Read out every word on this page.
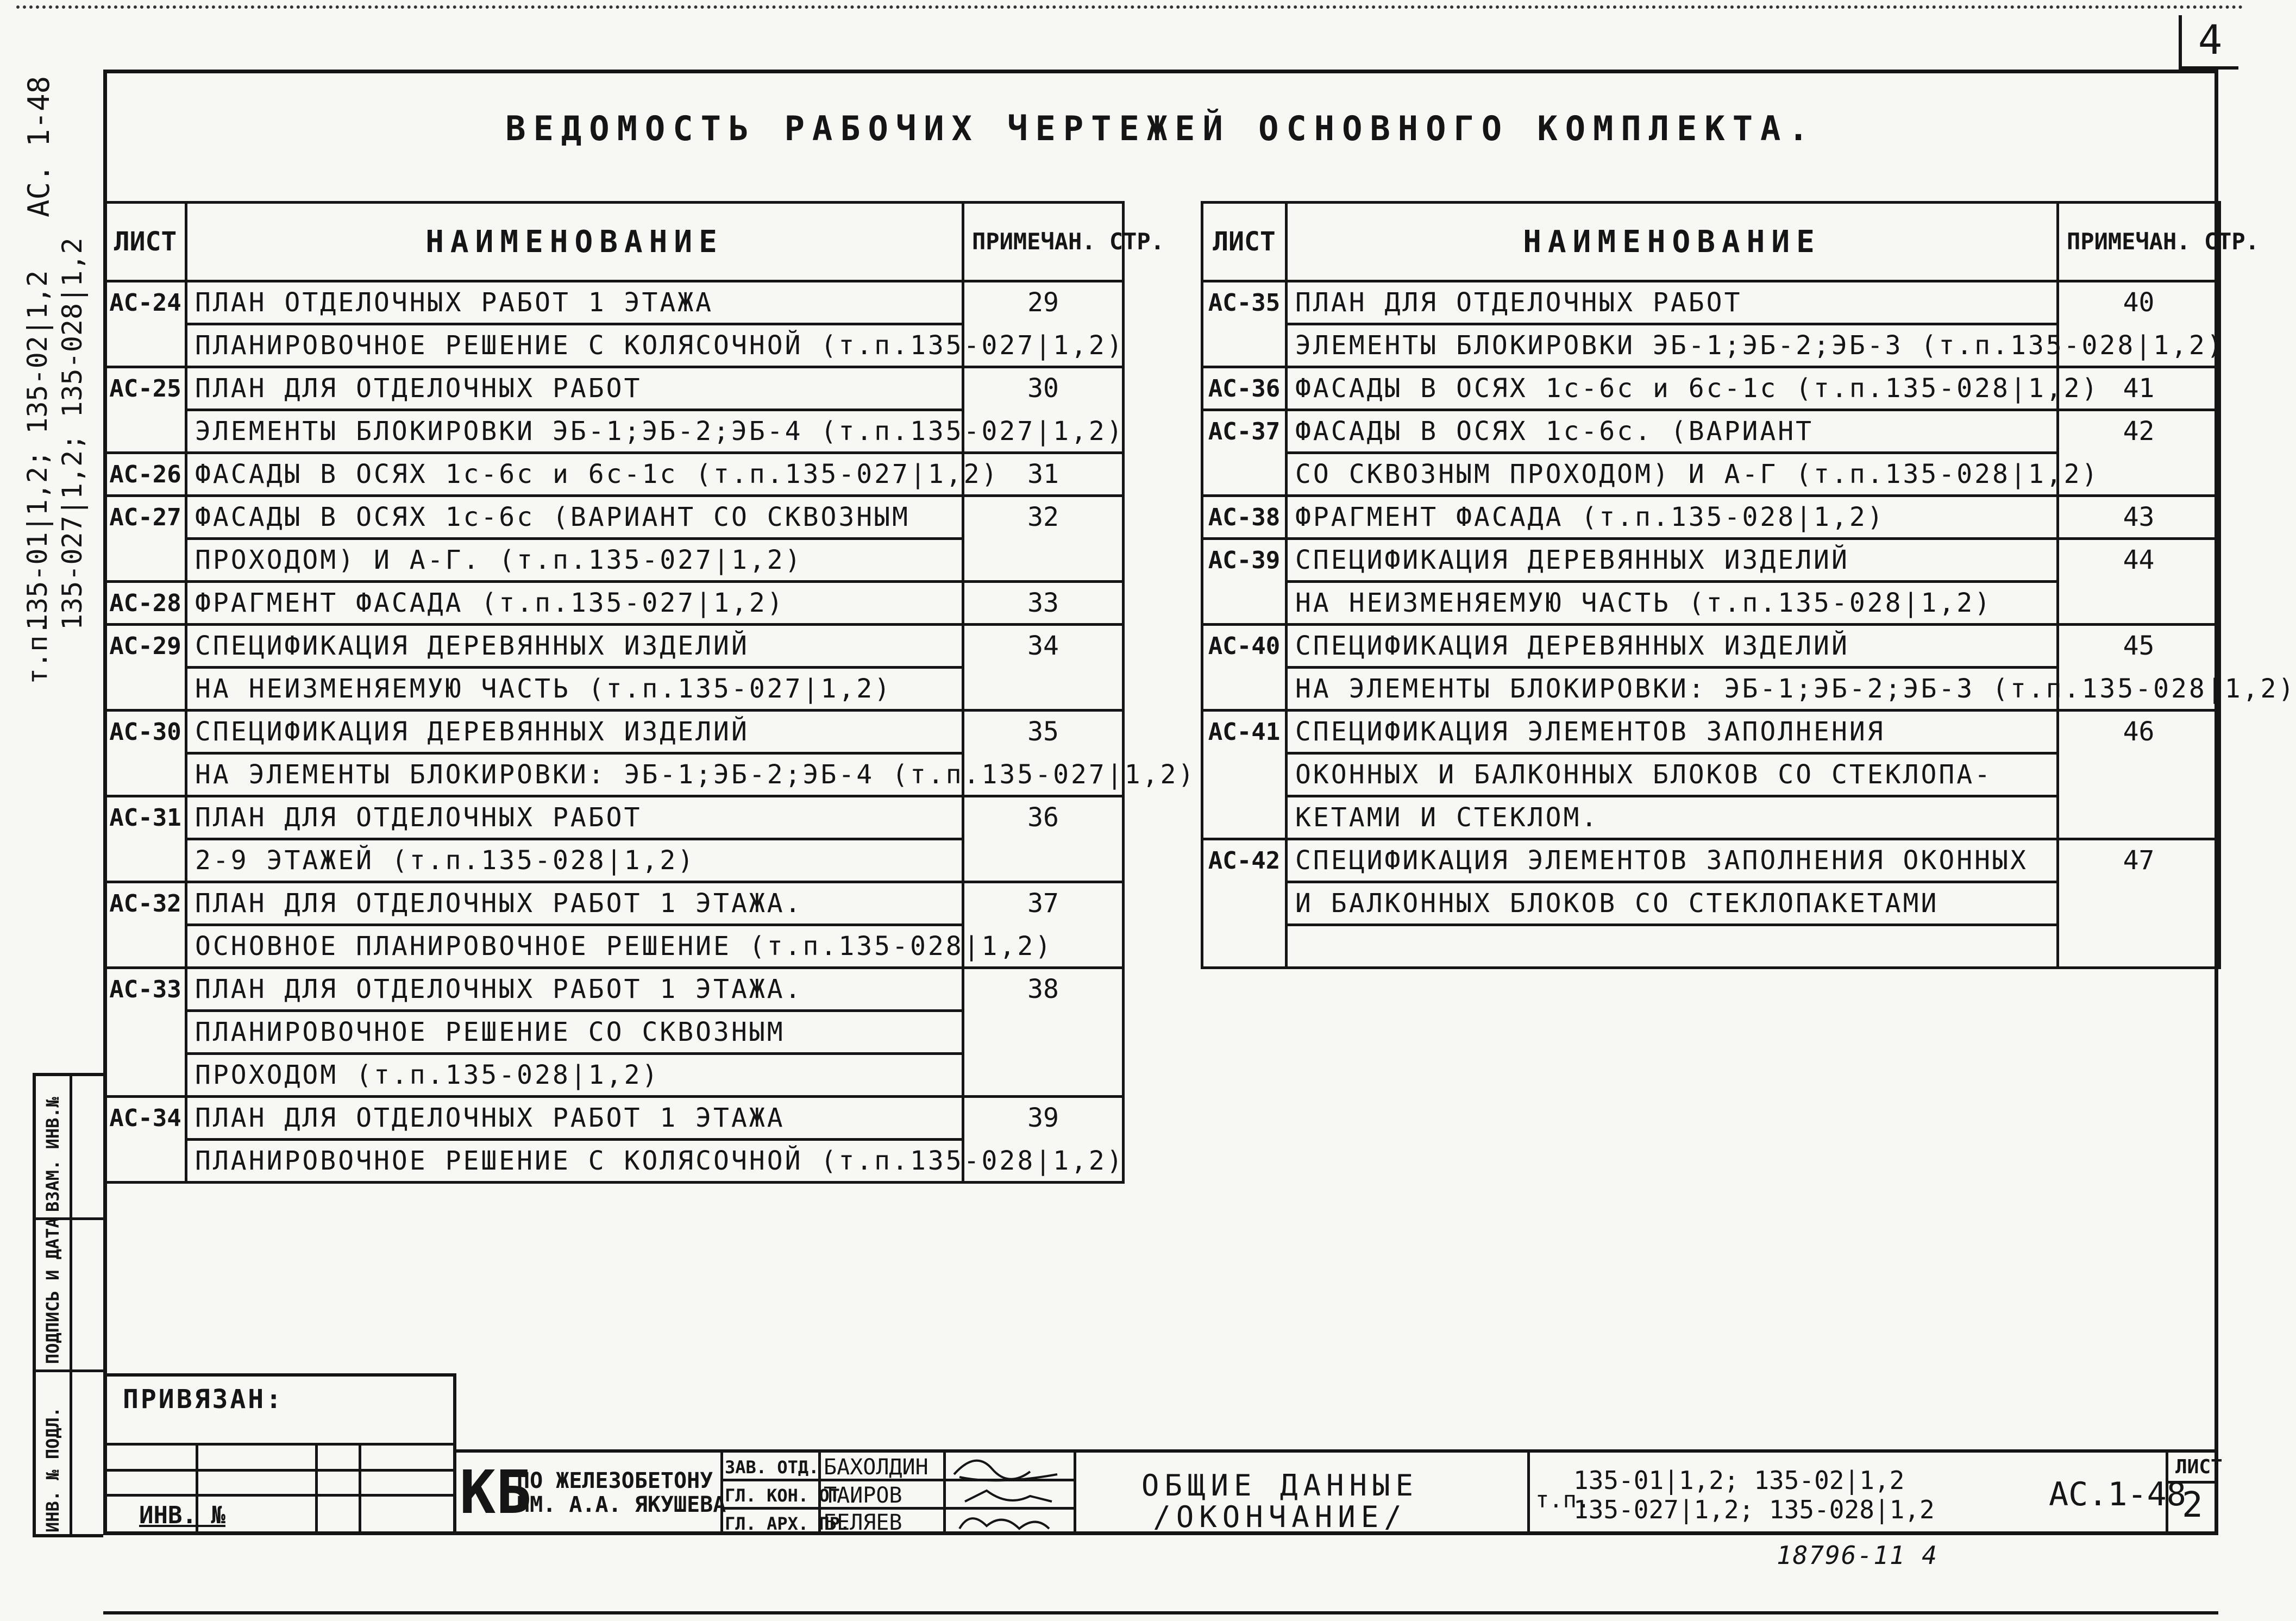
4
АС. 1-48
т.п.
135-01|1,2; 135-02|1,2 135-027|1,2; 135-028|1,2
ВЗАМ. ИНВ.№
ПОДПИСЬ И ДАТА
ИНВ. № ПОДЛ.
ВЕДОМОСТЬ РАБОЧИХ ЧЕРТЕЖЕЙ ОСНОВНОГО КОМПЛЕКТА.
ЛИСТ	НАИМЕНОВАНИЕ	ПРИМЕЧАН. СТР.
АС-24	ПЛАН ОТДЕЛОЧНЫХ РАБОТ 1 ЭТАЖА	29
	ПЛАНИРОВОЧНОЕ РЕШЕНИЕ С КОЛЯСОЧНОЙ (т.п.135-027|1,2)	
АС-25	ПЛАН ДЛЯ ОТДЕЛОЧНЫХ РАБОТ	30
	ЭЛЕМЕНТЫ БЛОКИРОВКИ ЭБ-1;ЭБ-2;ЭБ-4 (т.п.135-027|1,2)	
АС-26	ФАСАДЫ В ОСЯХ 1с-6с и 6с-1с (т.п.135-027|1,2)	31
АС-27	ФАСАДЫ В ОСЯХ 1с-6с (ВАРИАНТ СО СКВОЗНЫМ	32
	ПРОХОДОМ) И А-Г. (т.п.135-027|1,2)	
АС-28	ФРАГМЕНТ ФАСАДА (т.п.135-027|1,2)	33
АС-29	СПЕЦИФИКАЦИЯ ДЕРЕВЯННЫХ ИЗДЕЛИЙ	34
	НА НЕИЗМЕНЯЕМУЮ ЧАСТЬ (т.п.135-027|1,2)	
АС-30	СПЕЦИФИКАЦИЯ ДЕРЕВЯННЫХ ИЗДЕЛИЙ	35
	НА ЭЛЕМЕНТЫ БЛОКИРОВКИ: ЭБ-1;ЭБ-2;ЭБ-4 (т.п.135-027|1,2)	
АС-31	ПЛАН ДЛЯ ОТДЕЛОЧНЫХ РАБОТ	36
	2-9 ЭТАЖЕЙ (т.п.135-028|1,2)	
АС-32	ПЛАН ДЛЯ ОТДЕЛОЧНЫХ РАБОТ 1 ЭТАЖА.	37
	ОСНОВНОЕ ПЛАНИРОВОЧНОЕ РЕШЕНИЕ (т.п.135-028|1,2)	
АС-33	ПЛАН ДЛЯ ОТДЕЛОЧНЫХ РАБОТ 1 ЭТАЖА.	38
	ПЛАНИРОВОЧНОЕ РЕШЕНИЕ СО СКВОЗНЫМ	
	ПРОХОДОМ (т.п.135-028|1,2)	
АС-34	ПЛАН ДЛЯ ОТДЕЛОЧНЫХ РАБОТ 1 ЭТАЖА	39
	ПЛАНИРОВОЧНОЕ РЕШЕНИЕ С КОЛЯСОЧНОЙ (т.п.135-028|1,2)	
ЛИСТ	НАИМЕНОВАНИЕ	ПРИМЕЧАН. СТР.
АС-35	ПЛАН ДЛЯ ОТДЕЛОЧНЫХ РАБОТ	40
	ЭЛЕМЕНТЫ БЛОКИРОВКИ ЭБ-1;ЭБ-2;ЭБ-3 (т.п.135-028|1,2)	
АС-36	ФАСАДЫ В ОСЯХ 1с-6с и 6с-1с (т.п.135-028|1,2)	41
АС-37	ФАСАДЫ В ОСЯХ 1с-6с. (ВАРИАНТ	42
	СО СКВОЗНЫМ ПРОХОДОМ) И А-Г (т.п.135-028|1,2)	
АС-38	ФРАГМЕНТ ФАСАДА (т.п.135-028|1,2)	43
АС-39	СПЕЦИФИКАЦИЯ ДЕРЕВЯННЫХ ИЗДЕЛИЙ	44
	НА НЕИЗМЕНЯЕМУЮ ЧАСТЬ (т.п.135-028|1,2)	
АС-40	СПЕЦИФИКАЦИЯ ДЕРЕВЯННЫХ ИЗДЕЛИЙ	45
	НА ЭЛЕМЕНТЫ БЛОКИРОВКИ: ЭБ-1;ЭБ-2;ЭБ-3 (т.п.135-028|1,2)	
АС-41	СПЕЦИФИКАЦИЯ ЭЛЕМЕНТОВ ЗАПОЛНЕНИЯ	46
	ОКОННЫХ И БАЛКОННЫХ БЛОКОВ СО СТЕКЛОПА-	
	КЕТАМИ И СТЕКЛОМ.	
АС-42	СПЕЦИФИКАЦИЯ ЭЛЕМЕНТОВ ЗАПОЛНЕНИЯ ОКОННЫХ	47
	И БАЛКОННЫХ БЛОКОВ СО СТЕКЛОПАКЕТАМИ	

ПРИВЯЗАН:
ИНВ. №	КБ
ПО ЖЕЛЕЗОБЕТОНУ
ИМ. А.А. ЯКУШЕВА
ЗАВ. ОТД. БАХОЛДИН
ГЛ. КОН. ОТ
ТАИРОВ
ГЛ. АРХ. ПР.
БЕЛЯЕВ
ОБЩИЕ ДАННЫЕ
/ОКОНЧАНИЕ/
т.п.
135-01|1,2; 135-02|1,2
135-027|1,2; 135-028|1,2	АС.1-48
ЛИСТ
2
18796-11 4
